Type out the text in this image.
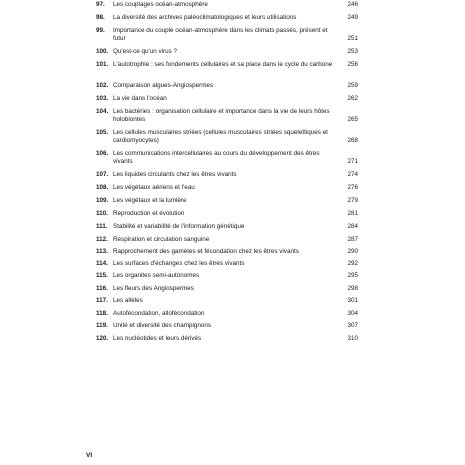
97.	Les couplages océan-atmosphère	246
98.	La diversité des archives paléoclimatologiques et leurs utilisations	249
99.	Importance du couple océan-atmosphère dans les climats passés, présent et futur	251
100. Qu'est-ce qu'un virus ?	253
101. L'autotrophie : ses fondements cellulaires et sa place dans le cycle du carbone	256
102. Comparaison algues-Angiospermes	259
103. La vie dans l'océan	262
104. Les bactéries : organisation cellulaire et importance dans la vie de leurs hôtes holobiontes	265
105. Les cellules musculaires striées (cellules musculaires striées squelettiques et cardiomyocytes)	268
106. Les communications intercellulaires au cours du développement des êtres vivants	271
107. Les liquides circulants chez les êtres vivants	274
108. Les végétaux aériens et l'eau	276
109. Les végétaux et la lumière	279
110. Reproduction et évolution	281
111. Stabilité et variabilité de l'information génétique	284
112. Respiration et circulation sanguine	287
113. Rapprochement des gamètes et fécondation chez les êtres vivants	290
114. Les surfaces d'échanges chez les êtres vivants	292
115. Les organites semi-autonomes	295
116. Les fleurs des Angiospermes	298
117. Les allèles	301
118. Autofécondation, allofécondation	304
119. Unité et diversité des champignons	307
120. Les nucléotides et leurs dérivés	310
VI
